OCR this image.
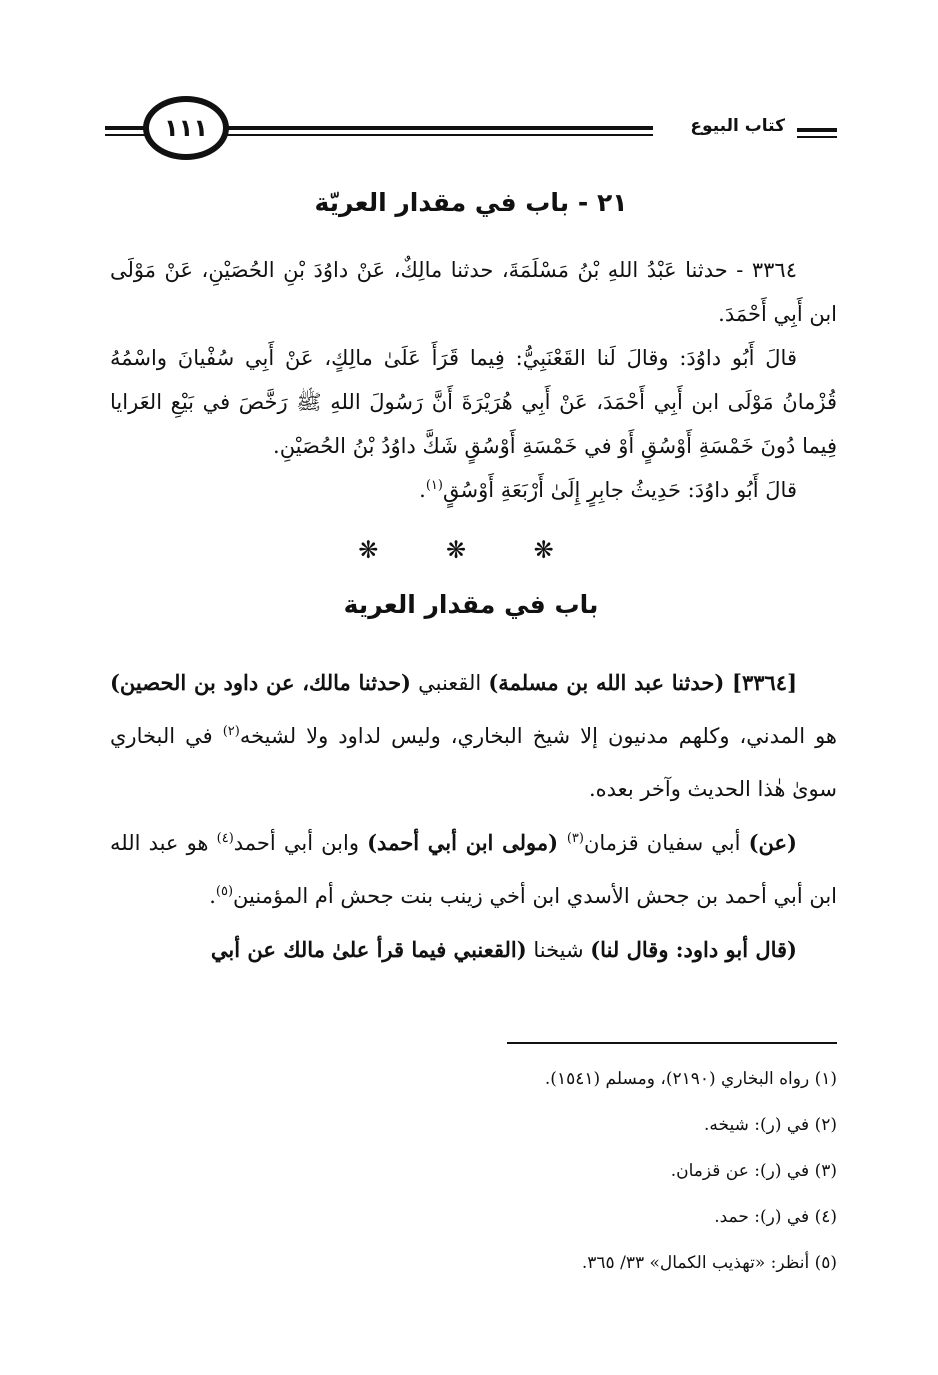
١١١	كتاب البيوع
٢١ - باب في مقدار العريّة

٣٣٦٤ - حدثنا عَبْدُ اللهِ بْنُ مَسْلَمَةَ، حدثنا مالِكٌ، عَنْ داوُدَ بْنِ الحُصَيْنِ، عَنْ مَوْلَى ابن أَبِي أَحْمَدَ.

قالَ أَبُو داوُدَ: وقالَ لَنا القَعْنَبِيُّ: فِيما قَرَأَ عَلَىٰ مالِكٍ، عَنْ أَبِي سُفْيانَ واسْمُهُ قُزْمانُ مَوْلَى ابن أَبِي أَحْمَدَ، عَنْ أَبِي هُرَيْرَةَ أَنَّ رَسُولَ اللهِ ﷺ رَخَّصَ في بَيْعِ العَرايا فِيما دُونَ خَمْسَةِ أَوْسُقٍ أَوْ في خَمْسَةِ أَوْسُقٍ شَكَّ داوُدُ بْنُ الحُصَيْنِ.

قالَ أَبُو داوُدَ: حَدِيثُ جابِرٍ إِلَىٰ أَرْبَعَةِ أَوْسُقٍ$^{(١)}$.

❋ ❋ ❋
باب في مقدار العرية

[٣٣٦٤] (حدثنا عبد الله بن مسلمة) القعنبي (حدثنا مالك، عن داود بن الحصين) هو المدني، وكلهم مدنيون إلا شيخ البخاري، وليس لداود ولا لشيخه$^{(٢)}$ في البخاري سوىٰ هٰذا الحديث وآخر بعده.

(عن) أبي سفيان قزمان$^{(٣)}$ (مولى ابن أبي أحمد) وابن أبي أحمد$^{(٤)}$ هو عبد الله ابن أبي أحمد بن جحش الأسدي ابن أخي زينب بنت جحش أم المؤمنين$^{(٥)}$.

(قال أبو داود: وقال لنا) شيخنا (القعنبي فيما قرأ علىٰ مالك عن أبي

(١) رواه البخاري (٢١٩٠)، ومسلم (١٥٤١).

(٢) في (ر): شيخه.

(٣) في (ر): عن قزمان.

(٤) في (ر): حمد.

(٥) أنظر: «تهذيب الكمال» ٣٣/ ٣٦٥.
